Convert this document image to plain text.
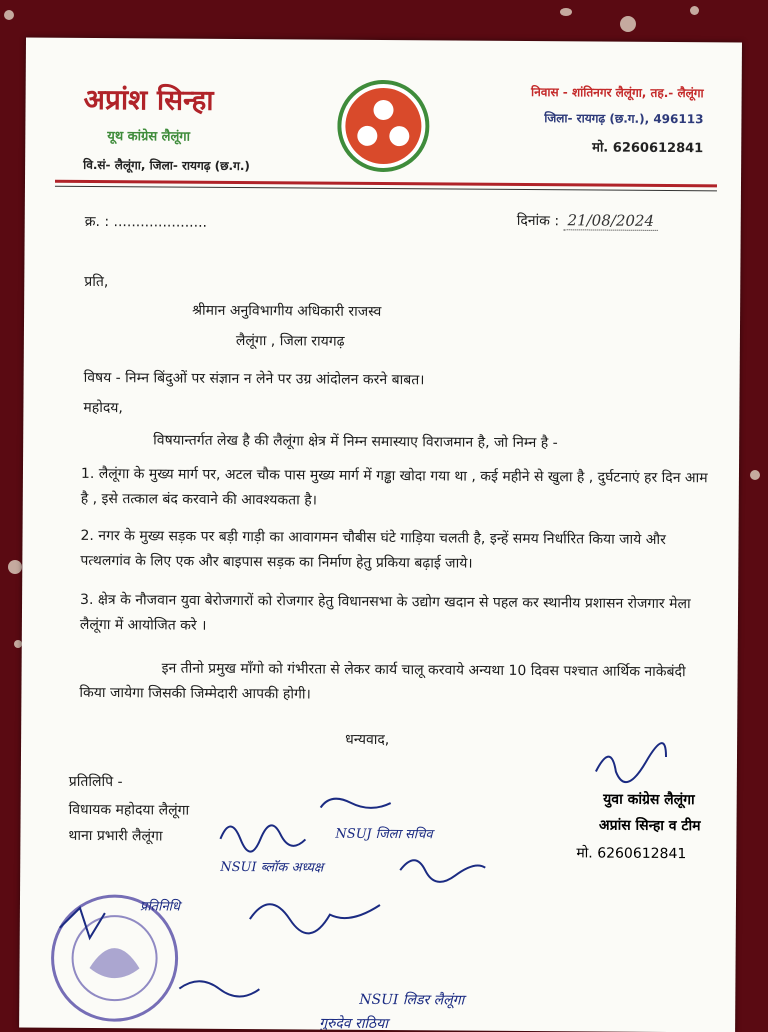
अप्रांश सिन्हा
यूथ कांग्रेस लैलूंगा
वि.सं- लैलूंगा, जिला- रायगढ़ (छ.ग.)
निवास - शांतिनगर लैलूंगा, तह.- लैलूंगा
जिला- रायगढ़ (छ.ग.), 496113
मो. 6260612841
क्र. : .....................	दिनांक : 21/08/2024
प्रति,
श्रीमान अनुविभागीय अधिकारी राजस्व
लैलूंगा , जिला रायगढ़
विषय - निम्न बिंदुओं पर संज्ञान न लेने पर उग्र आंदोलन करने बाबत।
महोदय,
विषयान्तर्गत लेख है की लैलूंगा क्षेत्र में निम्न समास्याए विराजमान है, जो निम्न है -
1. लैलूंगा के मुख्य मार्ग पर, अटल चौक पास मुख्य मार्ग में गड्ढा खोदा गया था , कई महीने से खुला है , दुर्घटनाएं हर दिन आम है , इसे तत्काल बंद करवाने की आवश्यकता है।
2. नगर के मुख्य सड़क पर बड़ी गाड़ी का आवागमन चौबीस घंटे गाड़िया चलती है, इन्हें समय निर्धारित किया जाये और पत्थलगांव के लिए एक और बाइपास सड़क का निर्माण हेतु प्रकिया बढ़ाई जाये।
3. क्षेत्र के नौजवान युवा बेरोजगारों को रोजगार हेतु विधानसभा के उद्योग खदान से पहल कर स्थानीय प्रशासन रोजगार मेला लैलूंगा में आयोजित करे ।
इन तीनो प्रमुख माँगो को गंभीरता से लेकर कार्य चालू करवाये अन्यथा 10 दिवस पश्चात आर्थिक नाकेबंदी किया जायेगा जिसकी जिम्मेदारी आपकी होगी।
धन्यवाद,
प्रतिलिपि -
विधायक महोदया लैलूंगा
थाना प्रभारी लैलूंगा
युवा कांग्रेस लैलूंगा
अप्रांस सिन्हा व टीम
मो. 6260612841
NSUJ जिला सचिव
NSUI ब्लॉक अध्यक्ष
प्रतिनिधि
NSUI लिडर लैलूंगा
गुरुदेव राठिया
